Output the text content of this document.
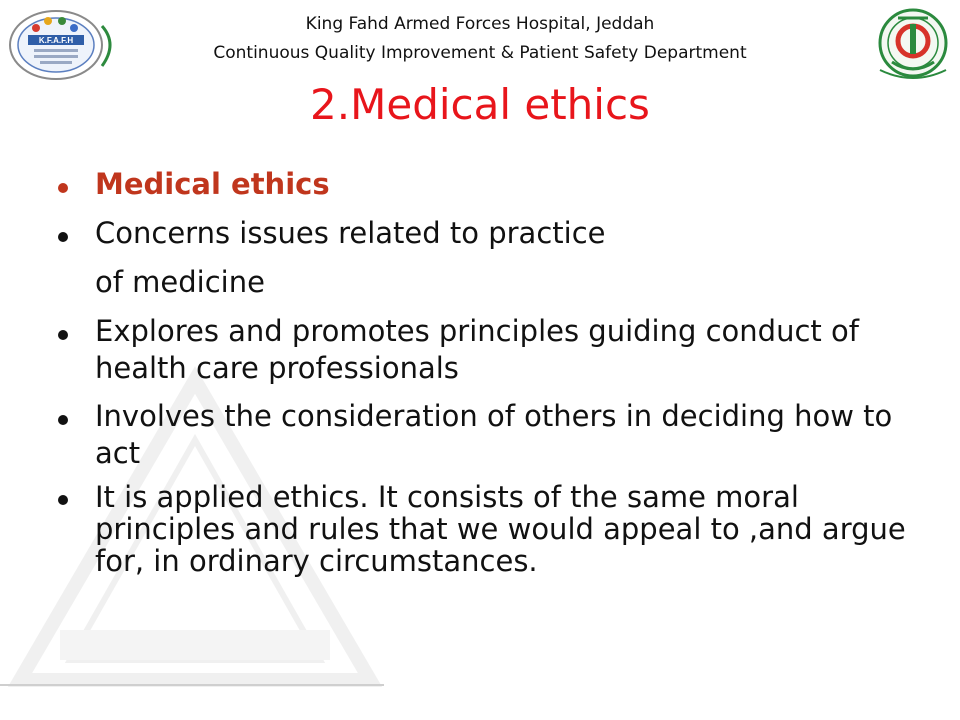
K.F.A.F.H
King Fahd Armed Forces Hospital, Jeddah
Continuous Quality Improvement & Patient Safety Department
2.Medical ethics
Medical ethics
Concerns issues related to practice
of medicine
Explores and promotes principles guiding conduct of health care professionals
Involves the consideration of others in deciding how to act
It is applied ethics. It consists of the same moral principles and rules that we would appeal to ,and argue for, in ordinary circumstances.
